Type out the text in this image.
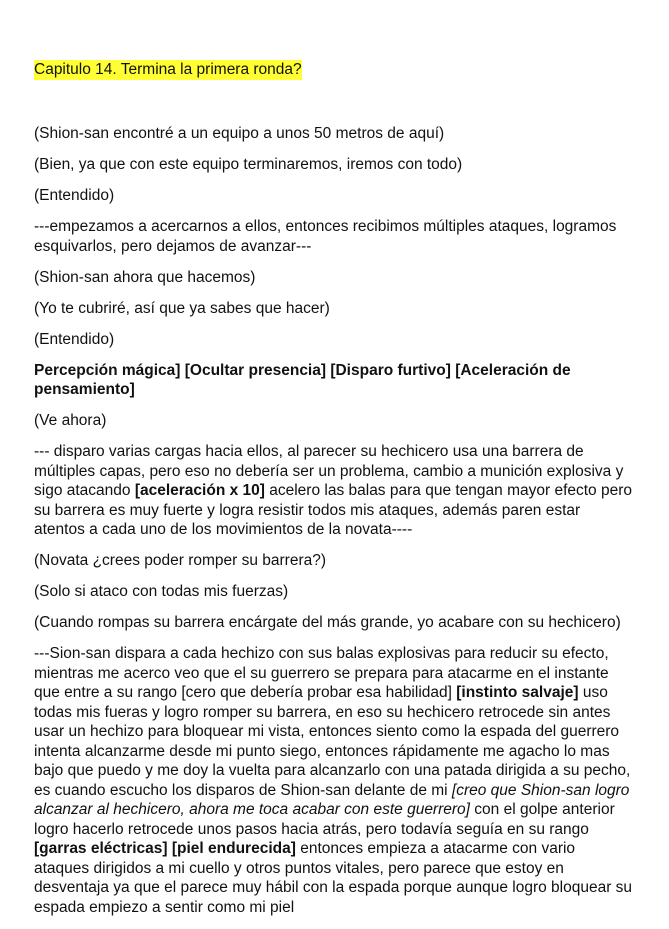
Capitulo 14. Termina la primera ronda?

(Shion-san encontré a un equipo a unos 50 metros de aquí)

(Bien, ya que con este equipo terminaremos, iremos con todo)

(Entendido)

---empezamos a acercarnos a ellos, entonces recibimos múltiples ataques, logramos esquivarlos, pero dejamos de avanzar---

(Shion-san ahora que hacemos)

(Yo te cubriré, así que ya sabes que hacer)

(Entendido)

Percepción mágica] [Ocultar presencia] [Disparo furtivo] [Aceleración de pensamiento]

(Ve ahora)

--- disparo varias cargas hacia ellos, al parecer su hechicero usa una barrera de múltiples capas, pero eso no debería ser un problema, cambio a munición explosiva y sigo atacando [aceleración x 10] acelero las balas para que tengan mayor efecto pero su barrera es muy fuerte y logra resistir todos mis ataques, además paren estar atentos a cada uno de los movimientos de la novata----

(Novata ¿crees poder romper su barrera?)

(Solo si ataco con todas mis fuerzas)

(Cuando rompas su barrera encárgate del más grande, yo acabare con su hechicero)

---Sion-san dispara a cada hechizo con sus balas explosivas para reducir su efecto, mientras me acerco veo que el su guerrero se prepara para atacarme en el instante que entre a su rango [cero que debería probar esa habilidad] [instinto salvaje] uso todas mis fueras y logro romper su barrera, en eso su hechicero retrocede sin antes usar un hechizo para bloquear mi vista, entonces siento como la espada del guerrero intenta alcanzarme desde mi punto siego, entonces rápidamente me agacho lo mas bajo que puedo y me doy la vuelta para alcanzarlo con una patada dirigida a su pecho, es cuando escucho los disparos de Shion-san delante de mi [creo que Shion-san logro alcanzar al hechicero, ahora me toca acabar con este guerrero] con el golpe anterior logro hacerlo retrocede unos pasos hacia atrás, pero todavía seguía en su rango [garras eléctricas] [piel endurecida] entonces empieza a atacarme con vario ataques dirigidos a mi cuello y otros puntos vitales, pero parece que estoy en desventaja ya que el parece muy hábil con la espada porque aunque logro bloquear su espada empiezo a sentir como mi piel
